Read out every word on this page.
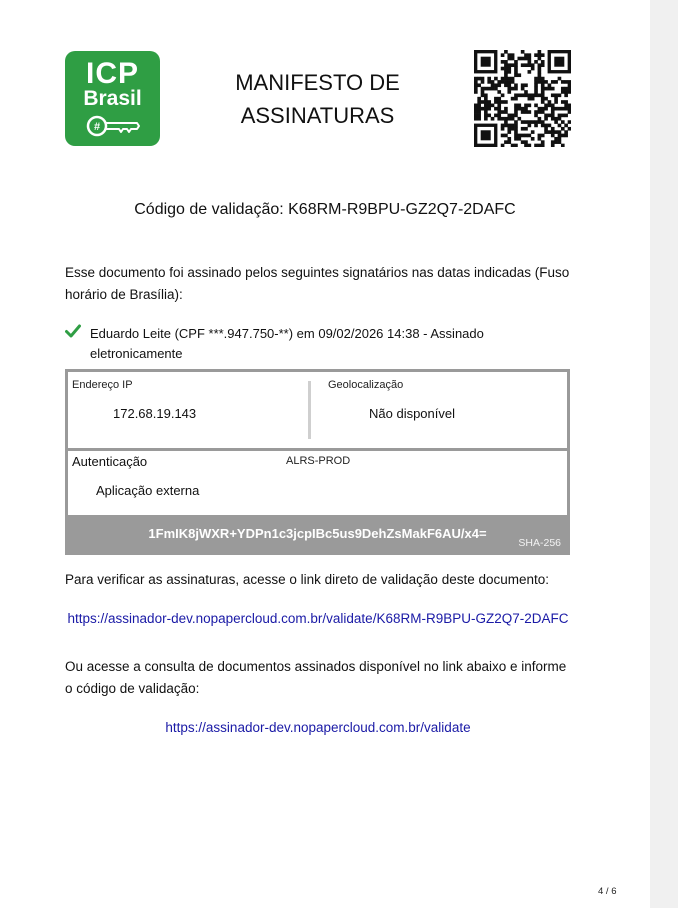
ICP
Brasil
#
MANIFESTO DE
ASSINATURAS
Código de validação: K68RM-R9BPU-GZ2Q7-2DAFC
Esse documento foi assinado pelos seguintes signatários nas datas indicadas (Fuso horário de Brasília):
Eduardo Leite (CPF ***.947.750-**) em 09/02/2026 14:38 - Assinado eletronicamente
Endereço IP
172.68.19.143
Geolocalização
Não disponível
Autenticação	ALRS-PROD
Aplicação externa
1FmIK8jWXR+YDPn1c3jcpIBc5us9DehZsMakF6AU/x4=
SHA-256
Para verificar as assinaturas, acesse o link direto de validação deste documento:
https://assinador-dev.nopapercloud.com.br/validate/K68RM-R9BPU-GZ2Q7-2DAFC
Ou acesse a consulta de documentos assinados disponível no link abaixo e informe o código de validação:
https://assinador-dev.nopapercloud.com.br/validate
4 / 6
